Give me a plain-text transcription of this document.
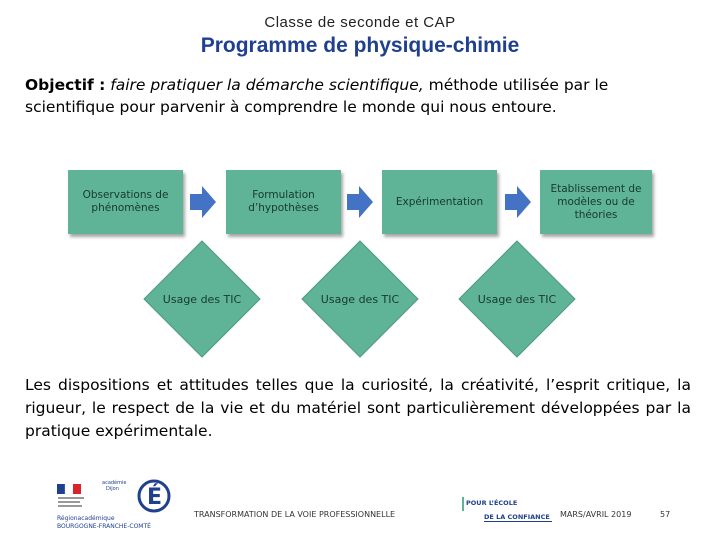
Classe de seconde et CAP
Programme de physique-chimie
Objectif : faire pratiquer la démarche scientifique, méthode utilisée par le scientifique pour parvenir à comprendre le monde qui nous entoure.
Observations de phénomènes
Formulation d’hypothèses
Expérimentation
Etablissement de modèles ou de théories
Usage des TIC	Usage des TIC	Usage des TIC
Les dispositions et attitudes telles que la curiosité, la créativité, l’esprit critique, la rigueur, le respect de la vie et du matériel sont particulièrement développées par la pratique expérimentale.
académie
Dijon É
Régionacadémique
BOURGOGNE-FRANCHE-COMTÉ
TRANSFORMATION DE LA VOIE PROFESSIONNELLE
POUR L’ÉCOLE
DE LA CONFIANCE MARS/AVRIL 2019	57
